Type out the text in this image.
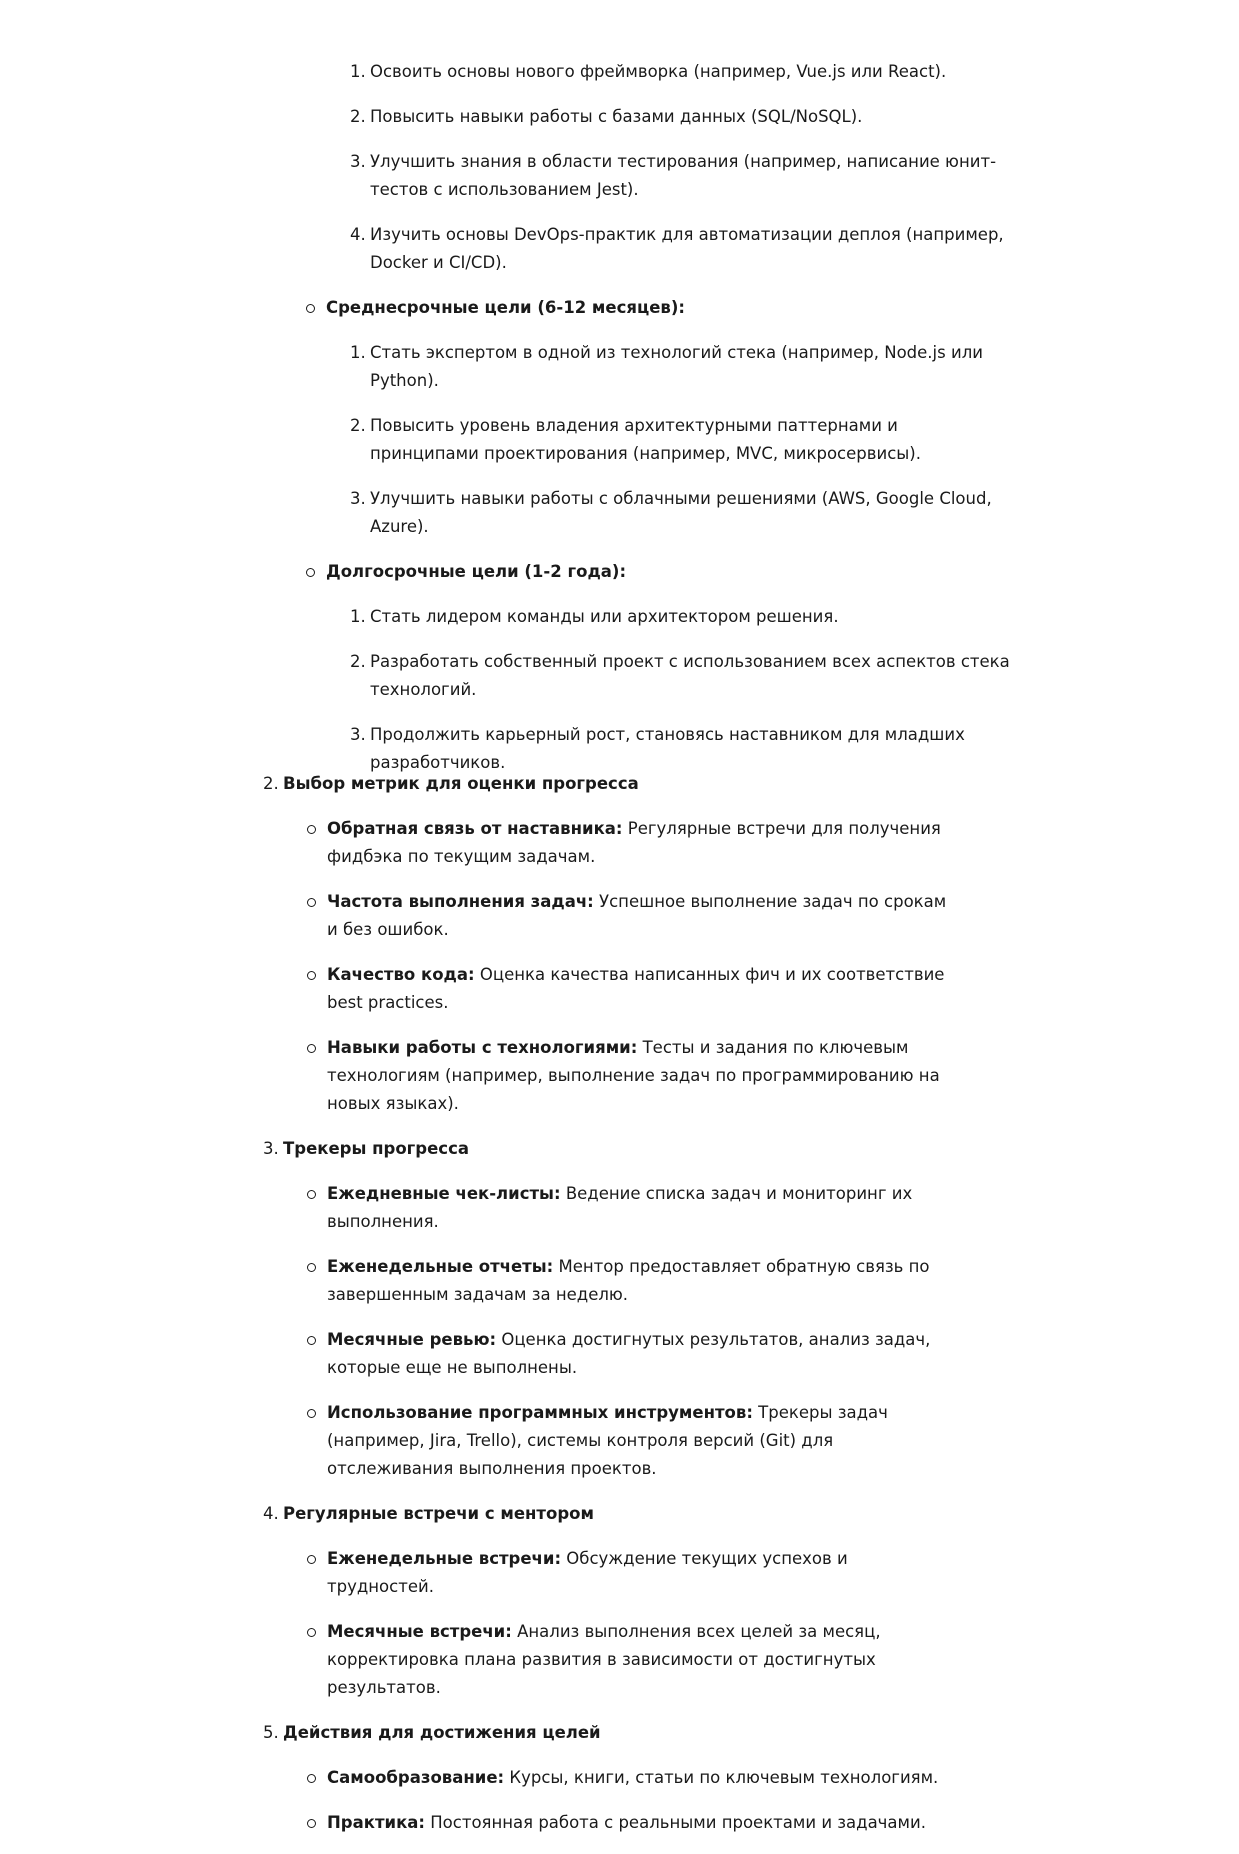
1. Освоить основы нового фреймворка (например, Vue.js или React).
2. Повысить навыки работы с базами данных (SQL/NoSQL).
3. Улучшить знания в области тестирования (например, написание юнит-тестов с использованием Jest).
4. Изучить основы DevOps-практик для автоматизации деплоя (например, Docker и CI/CD).
Среднесрочные цели (6-12 месяцев):
1. Стать экспертом в одной из технологий стека (например, Node.js или Python).
2. Повысить уровень владения архитектурными паттернами и принципами проектирования (например, MVC, микросервисы).
3. Улучшить навыки работы с облачными решениями (AWS, Google Cloud, Azure).
Долгосрочные цели (1-2 года):
1. Стать лидером команды или архитектором решения.
2. Разработать собственный проект с использованием всех аспектов стека технологий.
3. Продолжить карьерный рост, становясь наставником для младших разработчиков.
2. Выбор метрик для оценки прогресса
Обратная связь от наставника: Регулярные встречи для получения фидбэка по текущим задачам.
Частота выполнения задач: Успешное выполнение задач по срокам и без ошибок.
Качество кода: Оценка качества написанных фич и их соответствие best practices.
Навыки работы с технологиями: Тесты и задания по ключевым технологиям (например, выполнение задач по программированию на новых языках).
3. Трекеры прогресса
Ежедневные чек-листы: Ведение списка задач и мониторинг их выполнения.
Еженедельные отчеты: Ментор предоставляет обратную связь по завершенным задачам за неделю.
Месячные ревью: Оценка достигнутых результатов, анализ задач, которые еще не выполнены.
Использование программных инструментов: Трекеры задач (например, Jira, Trello), системы контроля версий (Git) для отслеживания выполнения проектов.
4. Регулярные встречи с ментором
Еженедельные встречи: Обсуждение текущих успехов и трудностей.
Месячные встречи: Анализ выполнения всех целей за месяц, корректировка плана развития в зависимости от достигнутых результатов.
5. Действия для достижения целей
Самообразование: Курсы, книги, статьи по ключевым технологиям.
Практика: Постоянная работа с реальными проектами и задачами.
